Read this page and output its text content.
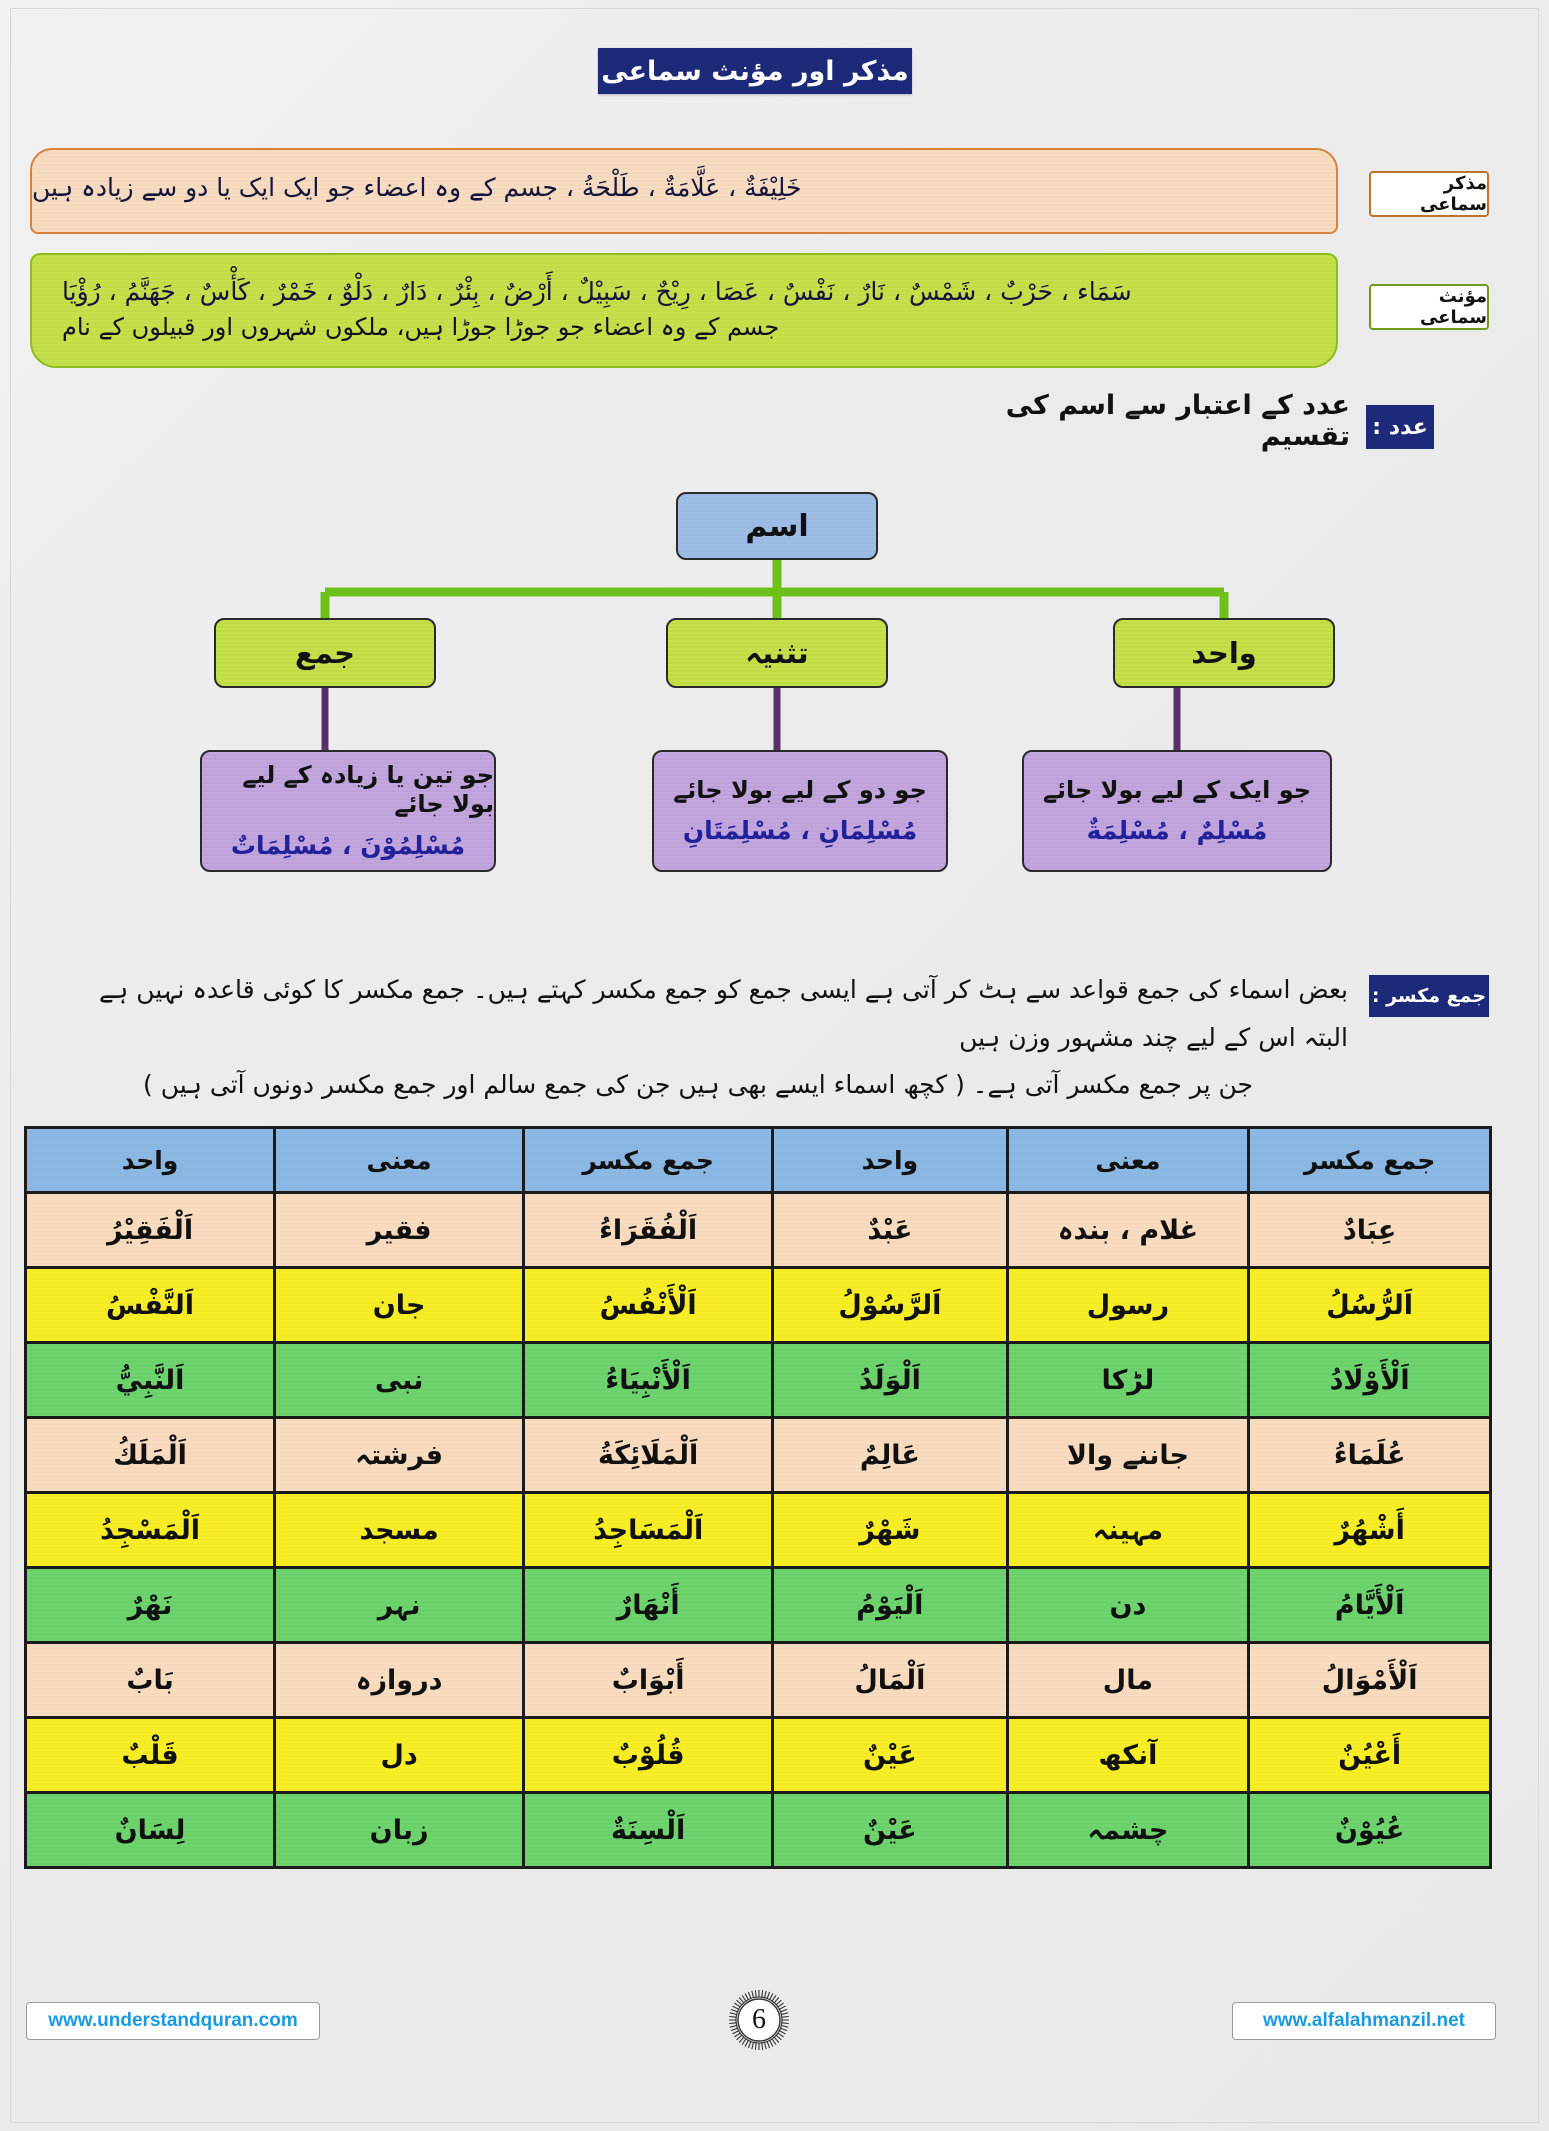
مذکر اور مؤنث سماعی
خَلِيْفَةٌ ، عَلَّامَةٌ ، طَلْحَةُ ، جسم کے وہ اعضاء جو ایک ایک یا دو سے زیادہ ہیں	مذکر سماعی
سَمَاء ، حَرْبٌ ، شَمْسٌ ، نَارٌ ، نَفْسٌ ، عَصَا ، رِيْحٌ ، سَبِيْلٌ ، أَرْضٌ ، بِئْرٌ ، دَارٌ ، دَلْوٌ ، خَمْرٌ ، كَأْسٌ ، جَهَنَّمُ ، رُؤْيَا
جسم کے وہ اعضاء جو جوڑا جوڑا ہیں، ملکوں شہروں اور قبیلوں کے نام
مؤنث سماعی
عدد :
عدد کے اعتبار سے اسم کی تقسیم
اسم
جمع	تثنیہ	واحد
جو تین یا زیادہ کے لیے بولا جائے
مُسْلِمُوْنَ ، مُسْلِمَاتٌ
جو دو کے لیے بولا جائے
مُسْلِمَانِ ، مُسْلِمَتَانِ
جو ایک کے لیے بولا جائے
مُسْلِمٌ ، مُسْلِمَةٌ
جمع مکسر :
بعض اسماء کی جمع قواعد سے ہٹ کر آتی ہے ایسی جمع کو جمع مکسر کہتے ہیں۔ جمع مکسر کا کوئی قاعدہ نہیں ہے البتہ اس کے لیے چند مشہور وزن ہیں
جن پر جمع مکسر آتی ہے۔ ( کچھ اسماء ایسے بھی ہیں جن کی جمع سالم اور جمع مکسر دونوں آتی ہیں )
جمع مکسر	معنی	واحد	جمع مکسر	معنی	واحد
عِبَادٌ	غلام ، بندہ	عَبْدٌ	اَلْفُقَرَاءُ	فقیر	اَلْفَقِيْرُ
اَلرُّسُلُ	رسول	اَلرَّسُوْلُ	اَلْأَنْفُسُ	جان	اَلنَّفْسُ
اَلْأَوْلَادُ	لڑکا	اَلْوَلَدُ	اَلْأَنْبِيَاءُ	نبی	اَلنَّبِيُّ
عُلَمَاءُ	جاننے والا	عَالِمٌ	اَلْمَلَائِكَةُ	فرشتہ	اَلْمَلَكُ
أَشْهُرٌ	مہینہ	شَهْرٌ	اَلْمَسَاجِدُ	مسجد	اَلْمَسْجِدُ
اَلْأَيَّامُ	دن	اَلْيَوْمُ	أَنْهَارٌ	نہر	نَهْرٌ
اَلْأَمْوَالُ	مال	اَلْمَالُ	أَبْوَابٌ	دروازہ	بَابٌ
أَعْيُنٌ	آنکھ	عَيْنٌ	قُلُوْبٌ	دل	قَلْبٌ
عُيُوْنٌ	چشمہ	عَيْنٌ	اَلْسِنَةٌ	زبان	لِسَانٌ
www.understandquran.com	6	www.alfalahmanzil.net
